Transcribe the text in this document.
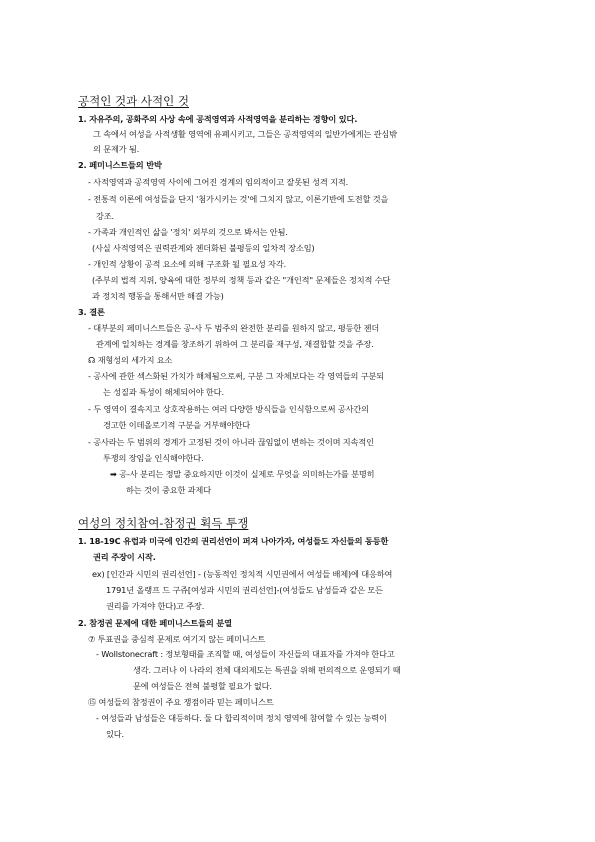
공적인 것과 사적인 것
1. 자유주의, 공화주의 사상 속에 공적영역과 사적영역을 분리하는 경향이 있다.
그 속에서 여성을 사적생활 영역에 유폐시키고, 그들은 공적영역의 일반가에게는 관심밖
의 문제가 됨.
2. 페미니스트들의 반박
- 사적영역과 공적영역 사이에 그어진 경계의 임의적이고 잘못된 성격 지적.
- 전통적 이론에 여성들을 단지 '첨가시키는 것'에 그치지 않고, 이론기반에 도전할 것을
강조.
- 가족과 개인적인 삶을 '정치' 외부의 것으로 봐서는 안됨.
(사실 사적영역은 권력관계와 젠더화된 불평등의 일차적 장소임)
- 개인적 상황이 공적 요소에 의해 구조화 될 필요성 자각.
(주부의 법적 지위, 양육에 대한 정부의 정책 등과 같은 "개인적" 문제들은 정치적 수단
과 정치적 행동을 통해서만 해결 가능)
3. 결론
- 대부분의 페미니스트들은 공-사 두 범주의 완전한 분리를 원하지 않고, 평등한 젠더
관계에 일치하는 경계를 창조하기 위하여 그 분리를 재구성, 재결합할 것을 주장.
☊ 재형성의 세가지 요소
- 공사에 관한 섹스화된 가치가 해체됨으로써, 구분 그 자체보다는 각 영역들의 구분되
는 성질과 특성이 해체되어야 한다.
- 두 영역이 결속지고 상호작용하는 여러 다양한 방식들을 인식함으로써 공사간의
경고한 이데올로기적 구분을 거부해야한다
- 공사라는 두 범위의 경계가 고정된 것이 아니라 끊임없이 변하는 것이며 지속적인
투쟁의 장임을 인식해야한다.
➡ 공-사 분리는 정말 중요하지만 이것이 실제로 무엇을 의미하는가를 분명히
하는 것이 중요한 과제다
여성의 정치참여-참정권 획득 투쟁
1. 18-19C 유럽과 미국에 인간의 권리선언이 퍼져 나아가자, 여성들도 자신들의 동등한
권리 주장이 시작.
ex) [인간과 시민의 권리선언] - (능동적인 정치적 시민권에서 여성들 배제)에 대응하여
1791년 올랭프 드 구쥬[여성과 시민의 권리선언]-(여성들도 남성들과 같은 모든
권리를 가져야 한다)고 주장.
2. 참정권 문제에 대한 페미니스트들의 분열
⑦ 투표권을 중심적 문제로 여기지 않는 페미니스트
- Wollstonecraft : 정보형태를 조직할 때, 여성들이 자신들의 대표자를 가져야 한다고
생각. 그러나 이 나라의 전체 대의제도는 특권을 위해 편의적으로 운영되기 때
문에 여성들은 전혀 불평할 필요가 없다.
⑮ 여성들의 참정권이 주요 쟁점이라 믿는 페미니스트
- 여성들과 남성들은 대등하다. 둘 다 합리적이며 정치 영역에 참여할 수 있는 능력이
있다.
